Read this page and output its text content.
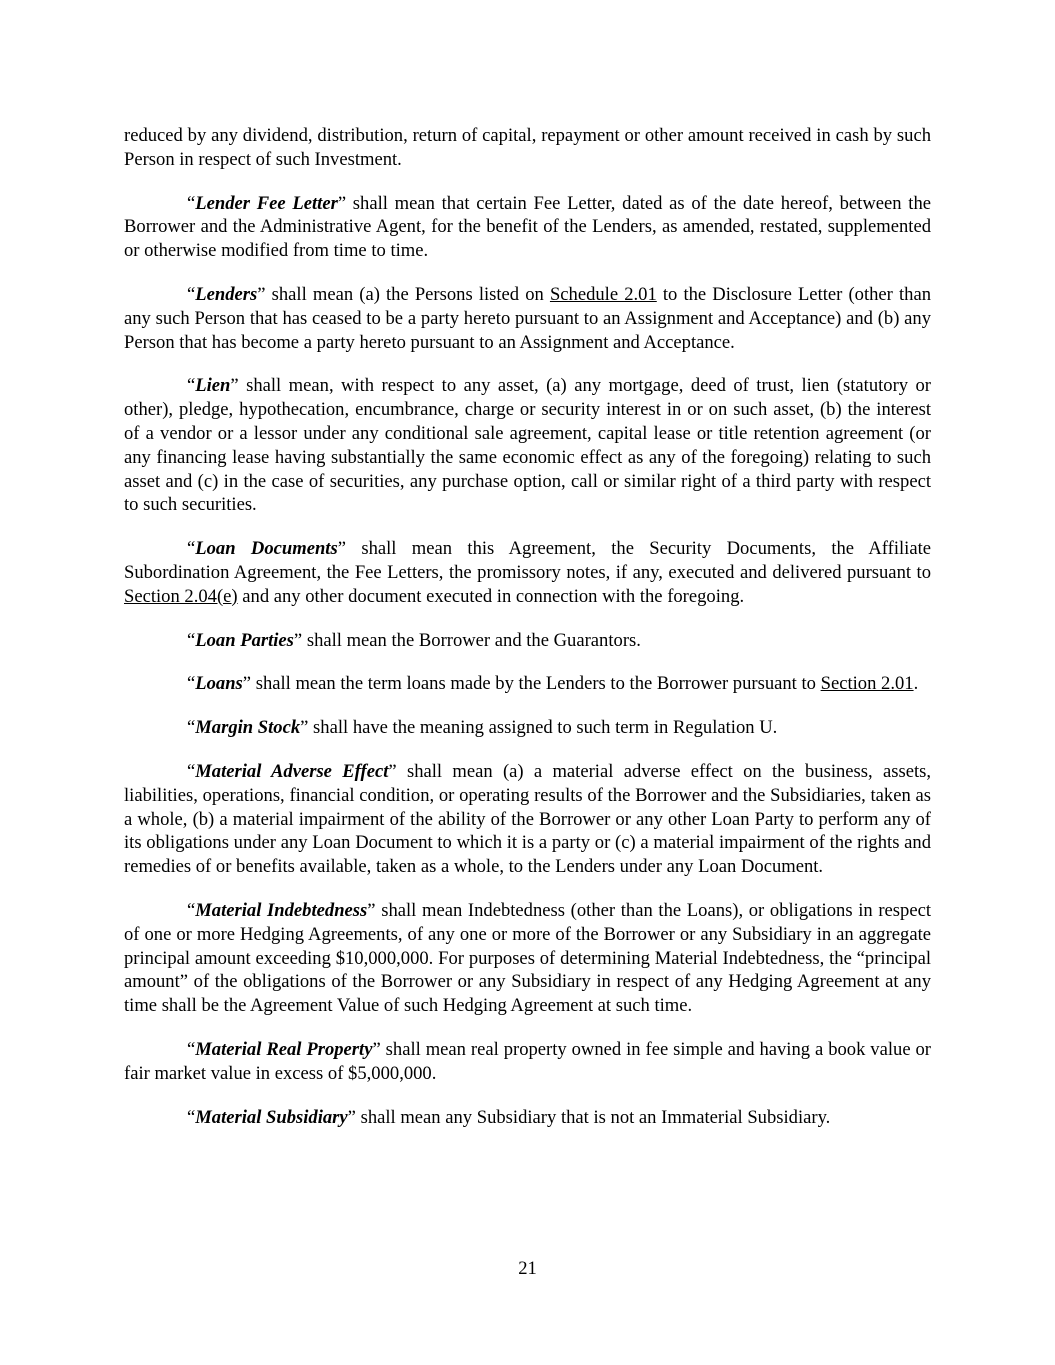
reduced by any dividend, distribution, return of capital, repayment or other amount received in cash by such Person in respect of such Investment.

“Lender Fee Letter” shall mean that certain Fee Letter, dated as of the date hereof, between the Borrower and the Administrative Agent, for the benefit of the Lenders, as amended, restated, supplemented or otherwise modified from time to time.

“Lenders” shall mean (a) the Persons listed on Schedule 2.01 to the Disclosure Letter (other than any such Person that has ceased to be a party hereto pursuant to an Assignment and Acceptance) and (b) any Person that has become a party hereto pursuant to an Assignment and Acceptance.

“Lien” shall mean, with respect to any asset, (a) any mortgage, deed of trust, lien (statutory or other), pledge, hypothecation, encumbrance, charge or security interest in or on such asset, (b) the interest of a vendor or a lessor under any conditional sale agreement, capital lease or title retention agreement (or any financing lease having substantially the same economic effect as any of the foregoing) relating to such asset and (c) in the case of securities, any purchase option, call or similar right of a third party with respect to such securities.

“Loan Documents” shall mean this Agreement, the Security Documents, the Affiliate Subordination Agreement, the Fee Letters, the promissory notes, if any, executed and delivered pursuant to Section 2.04(e) and any other document executed in connection with the foregoing.

“Loan Parties” shall mean the Borrower and the Guarantors.

“Loans” shall mean the term loans made by the Lenders to the Borrower pursuant to Section 2.01.

“Margin Stock” shall have the meaning assigned to such term in Regulation U.

“Material Adverse Effect” shall mean (a) a material adverse effect on the business, assets, liabilities, operations, financial condition, or operating results of the Borrower and the Subsidiaries, taken as a whole, (b) a material impairment of the ability of the Borrower or any other Loan Party to perform any of its obligations under any Loan Document to which it is a party or (c) a material impairment of the rights and remedies of or benefits available, taken as a whole, to the Lenders under any Loan Document.

“Material Indebtedness” shall mean Indebtedness (other than the Loans), or obligations in respect of one or more Hedging Agreements, of any one or more of the Borrower or any Subsidiary in an aggregate principal amount exceeding $10,000,000. For purposes of determining Material Indebtedness, the “principal amount” of the obligations of the Borrower or any Subsidiary in respect of any Hedging Agreement at any time shall be the Agreement Value of such Hedging Agreement at such time.

“Material Real Property” shall mean real property owned in fee simple and having a book value or fair market value in excess of $5,000,000.

“Material Subsidiary” shall mean any Subsidiary that is not an Immaterial Subsidiary.

21
